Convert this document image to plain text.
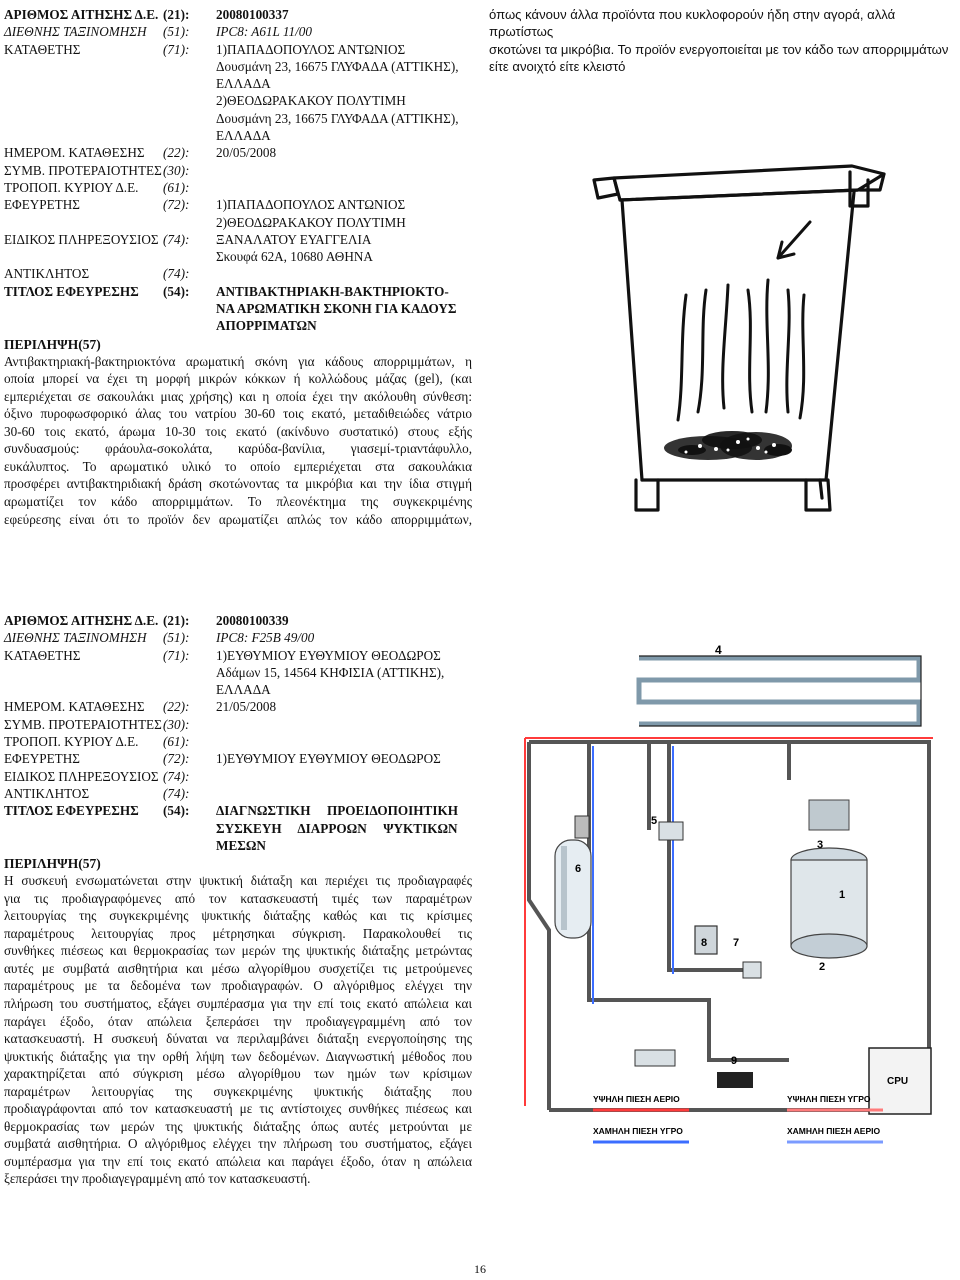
ΑΡΙΘΜΟΣ ΑΙΤΗΣΗΣ Δ.Ε. (21):	20080100337
ΔΙΕΘΝΗΣ ΤΑΞΙΝΟΜΗΣΗ	(51):	IPC8: A61L 11/00
ΚΑΤΑΘΕΤΗΣ	(71):	1)ΠΑΠΑΔΟΠΟΥΛΟΣ ΑΝΤΩΝΙΟΣ
Δουσμάνη 23, 16675 ΓΛΥΦΑΔΑ (ΑΤΤΙΚΗΣ),
ΕΛΛΑΔΑ
2)ΘΕΟΔΩΡΑΚΑΚΟΥ ΠΟΛΥΤΙΜΗ
Δουσμάνη 23, 16675 ΓΛΥΦΑΔΑ (ΑΤΤΙΚΗΣ),
ΕΛΛΑΔΑ
ΗΜΕΡΟΜ. ΚΑΤΑΘΕΣΗΣ	(22):	20/05/2008
ΣΥΜΒ. ΠΡΟΤΕΡΑΙΟΤΗΤΕΣ (30):
ΤΡΟΠΟΠ. ΚΥΡΙΟΥ Δ.Ε.	(61):
ΕΦΕΥΡΕΤΗΣ	(72):	1)ΠΑΠΑΔΟΠΟΥΛΟΣ ΑΝΤΩΝΙΟΣ
2)ΘΕΟΔΩΡΑΚΑΚΟΥ ΠΟΛΥΤΙΜΗ
ΕΙΔΙΚΟΣ ΠΛΗΡΕΞΟΥΣΙΟΣ (74):	ΞΑΝΑΛΑΤΟΥ ΕΥΑΓΓΕΛΙΑ
Σκουφά 62Α, 10680 ΑΘΗΝΑ
ΑΝΤΙΚΛΗΤΟΣ	(74):
ΤΙΤΛΟΣ ΕΦΕΥΡΕΣΗΣ	(54):	ΑΝΤΙΒΑΚΤΗΡΙΑΚΗ-ΒΑΚΤΗΡΙΟΚΤΟ-
ΝΑ ΑΡΩΜΑΤΙΚΗ ΣΚΟΝΗ ΓΙΑ ΚΑΔΟΥΣ
ΑΠΟΡΡΙΜΑΤΩΝ
ΠΕΡΙΛΗΨΗ(57)
Αντιβακτηριακή-βακτηριοκτόνα αρωματική σκόνη για κάδους απορριμμάτων, η
οποία μπορεί να έχει τη μορφή μικρών κόκκων ή κολλώδους μάζας (gel), (και
εμπεριέχεται σε σακουλάκι μιας χρήσης) και η οποία έχει την ακόλουθη σύνθεση:
όξινο πυροφωσφορικό άλας του νατρίου 30-60 τοις εκατό, μεταδιθειώδες νάτριο
30-60 τοις εκατό, άρωμα 10-30 τοις εκατό (ακίνδυνο συστατικό) στους εξής
συνδυασμούς: φράουλα-σοκολάτα, καρύδα-βανίλια, γιασεμί-τριαντάφυλλο,
ευκάλυπτος. Το αρωματικό υλικό το οποίο εμπεριέχεται στα σακουλάκια
προσφέρει αντιβακτηριδιακή δράση σκοτώνοντας τα μικρόβια και την ίδια στιγμή
αρωματίζει τον κάδο απορριμμάτων. Το πλεονέκτημα της συγκεκριμένης
εφεύρεσης είναι ότι το προϊόν δεν αρωματίζει απλώς τον κάδο απορριμμάτων,
όπως κάνουν άλλα προϊόντα που κυκλοφορούν ήδη στην αγορά, αλλά πρωτίστως
σκοτώνει τα μικρόβια. Το προϊόν ενεργοποιείται με τον κάδο των απορριμμάτων
είτε ανοιχτό είτε κλειστό
ΑΡΙΘΜΟΣ ΑΙΤΗΣΗΣ Δ.Ε. (21):	20080100339
ΔΙΕΘΝΗΣ ΤΑΞΙΝΟΜΗΣΗ	(51):	IPC8: F25B 49/00
ΚΑΤΑΘΕΤΗΣ	(71):	1)ΕΥΘΥΜΙΟΥ ΕΥΘΥΜΙΟΥ ΘΕΟΔΩΡΟΣ
Αδάμων 15, 14564 ΚΗΦΙΣΙΑ (ΑΤΤΙΚΗΣ),
ΕΛΛΑΔΑ
ΗΜΕΡΟΜ. ΚΑΤΑΘΕΣΗΣ	(22):	21/05/2008
ΣΥΜΒ. ΠΡΟΤΕΡΑΙΟΤΗΤΕΣ (30):
ΤΡΟΠΟΠ. ΚΥΡΙΟΥ Δ.Ε.	(61):
ΕΦΕΥΡΕΤΗΣ	(72):	1)ΕΥΘΥΜΙΟΥ ΕΥΘΥΜΙΟΥ ΘΕΟΔΩΡΟΣ
ΕΙΔΙΚΟΣ ΠΛΗΡΕΞΟΥΣΙΟΣ (74):
ΑΝΤΙΚΛΗΤΟΣ	(74):
ΤΙΤΛΟΣ ΕΦΕΥΡΕΣΗΣ	(54):	ΔΙΑΓΝΩΣΤΙΚΗ     ΠΡΟΕΙΔΟΠΟΙΗΤΙΚΗ
ΣΥΣΚΕΥΗ     ΔΙΑΡΡΟΩΝ     ΨΥΚΤΙΚΩΝ
ΜΕΣΩΝ
ΠΕΡΙΛΗΨΗ(57)
Η συσκευή ενσωματώνεται στην ψυκτική διάταξη και περιέχει τις προδιαγραφές
για τις προδιαγραφόμενες από τον κατασκευαστή τιμές των παραμέτρων
λειτουργίας της συγκεκριμένης ψυκτικής διάταξης καθώς και τις κρίσιμες
παραμέτρους λειτουργίας προς μέτρησηκαι σύγκριση. Παρακολουθεί τις
συνθήκες πιέσεως και θερμοκρασίας των μερών της ψυκτικής διάταξης μετρώντας
αυτές με συμβατά αισθητήρια και μέσω αλγορίθμου συσχετίζει τις μετρούμενες
παραμέτρους με τα δεδομένα των προδιαγραφών. Ο αλγόριθμος ελέγχει την
πλήρωση του συστήματος, εξάγει συμπέρασμα για την επί τοις εκατό απώλεια και
παράγει έξοδο, όταν απώλεια ξεπεράσει την προδιαγεγραμμένη από τον
κατασκευαστή. Η συσκευή δύναται να περιλαμβάνει διάταξη ενεργοποίησης της
ψυκτικής διάταξης για την ορθή λήψη των δεδομένων. Διαγνωστική μέθοδος που
χαρακτηρίζεται από σύγκριση μέσω αλγορίθμου των ημών των κρίσιμων
παραμέτρων λειτουργίας της συγκεκριμένης ψυκτικής διάταξης που
προδιαγράφονται από τον κατασκευαστή με τις αντίστοιχες συνθήκες πιέσεως και
θερμοκρασίας των μερών της ψυκτικής διάταξης όπως αυτές μετρούνται με
συμβατά αισθητήρια. Ο αλγόριθμος ελέγχει την πλήρωση του συστήματος, εξάγει
συμπέρασμα για την επί τοις εκατό απώλεια και παράγει έξοδο, όταν η απώλεια
ξεπεράσει την προδιαγεγραμμένη από τον κατασκευαστή.
4
5
6
3
1
8 7
2
9
CPU
ΥΨΗΛΗ ΠΙΕΣΗ ΑΕΡΙΟ	ΥΨΗΛΗ ΠΙΕΣΗ ΥΓΡΟ
ΧΑΜΗΛΗ ΠΙΕΣΗ ΥΓΡΟ	ΧΑΜΗΛΗ ΠΙΕΣΗ ΑΕΡΙΟ
16
